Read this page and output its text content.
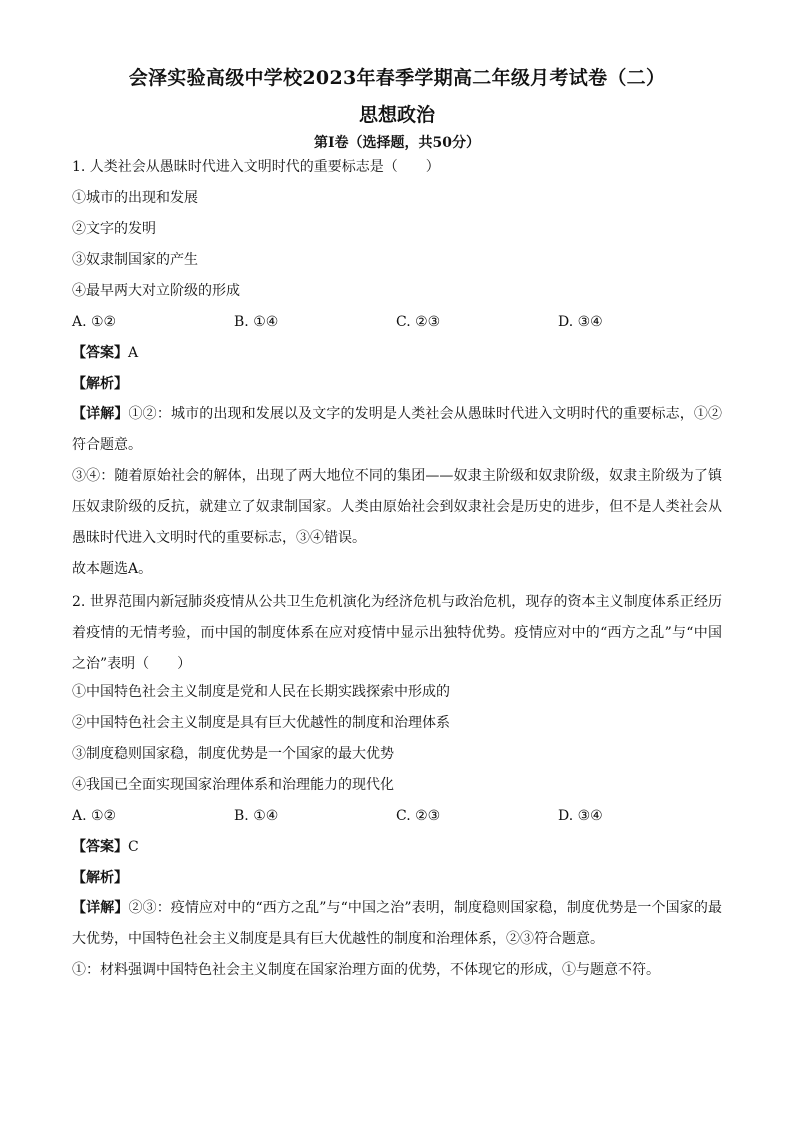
会泽实验高级中学校2023年春季学期高二年级月考试卷（二）
思想政治
第Ⅰ卷（选择题，共50分）
1. 人类社会从愚昧时代进入文明时代的重要标志是（　　）
①城市的出现和发展
②文字的发明
③奴隶制国家的产生
④最早两大对立阶级的形成
A. ①②	B. ①④	C. ②③	D. ③④
【答案】A
【解析】

【详解】①②：城市的出现和发展以及文字的发明是人类社会从愚昧时代进入文明时代的重要标志，①②符合题意。

③④：随着原始社会的解体，出现了两大地位不同的集团——奴隶主阶级和奴隶阶级，奴隶主阶级为了镇压奴隶阶级的反抗，就建立了奴隶制国家。人类由原始社会到奴隶社会是历史的进步，但不是人类社会从愚昧时代进入文明时代的重要标志，③④错误。

故本题选A。

2. 世界范围内新冠肺炎疫情从公共卫生危机演化为经济危机与政治危机，现存的资本主义制度体系正经历着疫情的无情考验，而中国的制度体系在应对疫情中显示出独特优势。疫情应对中的“西方之乱”与“中国之治”表明（　　）

①中国特色社会主义制度是党和人民在长期实践探索中形成的
②中国特色社会主义制度是具有巨大优越性的制度和治理体系
③制度稳则国家稳，制度优势是一个国家的最大优势
④我国已全面实现国家治理体系和治理能力的现代化
A. ①②	B. ①④	C. ②③	D. ③④
【答案】C
【解析】

【详解】②③：疫情应对中的“西方之乱”与“中国之治”表明，制度稳则国家稳，制度优势是一个国家的最大优势，中国特色社会主义制度是具有巨大优越性的制度和治理体系，②③符合题意。

①：材料强调中国特色社会主义制度在国家治理方面的优势，不体现它的形成，①与题意不符。
